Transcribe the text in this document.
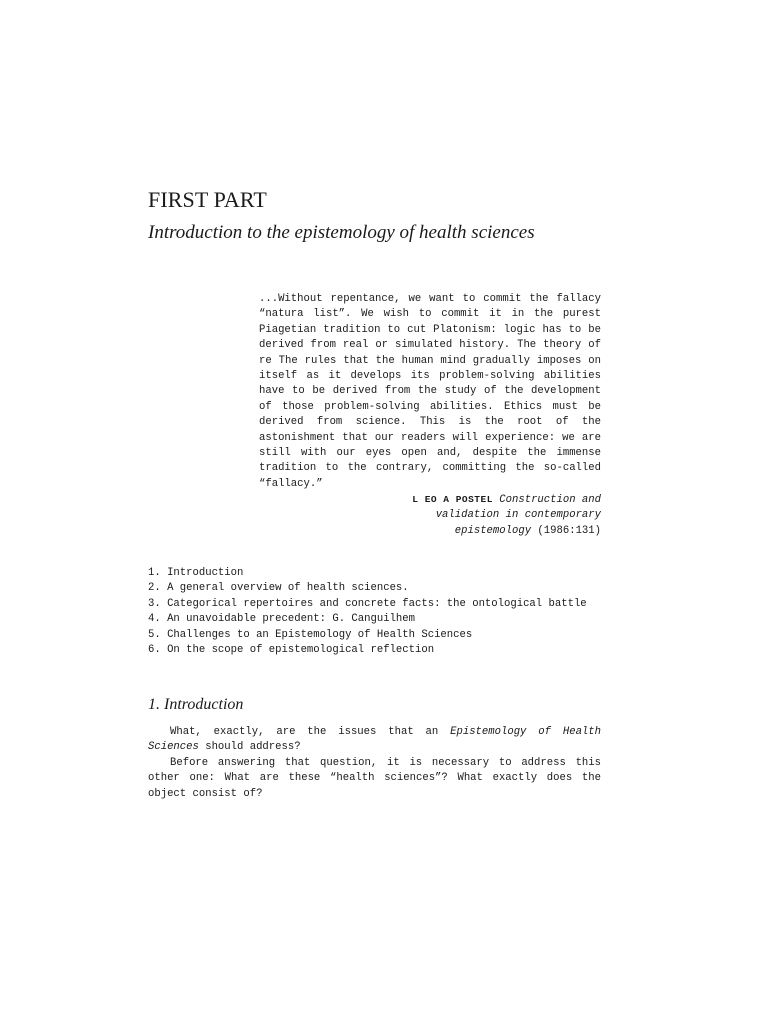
FIRST PART
Introduction to the epistemology of health sciences

...Without repentance, we want to commit the fallacy “natura list”. We wish to commit it in the purest Piagetian tradition to cut Platonism: logic has to be derived from real or simulated history. The theory of re The rules that the human mind gradually imposes on itself as it develops its problem-solving abilities have to be derived from the study of the development of those problem-solving abilities. Ethics must be derived from science. This is the root of the astonishment that our readers will experience: we are still with our eyes open and, despite the immense tradition to the contrary, committing the so-called “fallacy.”

L EO A POSTEL Construction and
validation in contemporary
epistemology (1986:131)
1. Introduction
2. A general overview of health sciences.
3. Categorical repertoires and concrete facts: the ontological battle
4. An unavoidable precedent: G. Canguilhem
5. Challenges to an Epistemology of Health Sciences
6. On the scope of epistemological reflection
1. Introduction

What, exactly, are the issues that an Epistemology of Health Sciences should address?

Before answering that question, it is necessary to address this other one: What are these “health sciences”? What exactly does the object consist of?
